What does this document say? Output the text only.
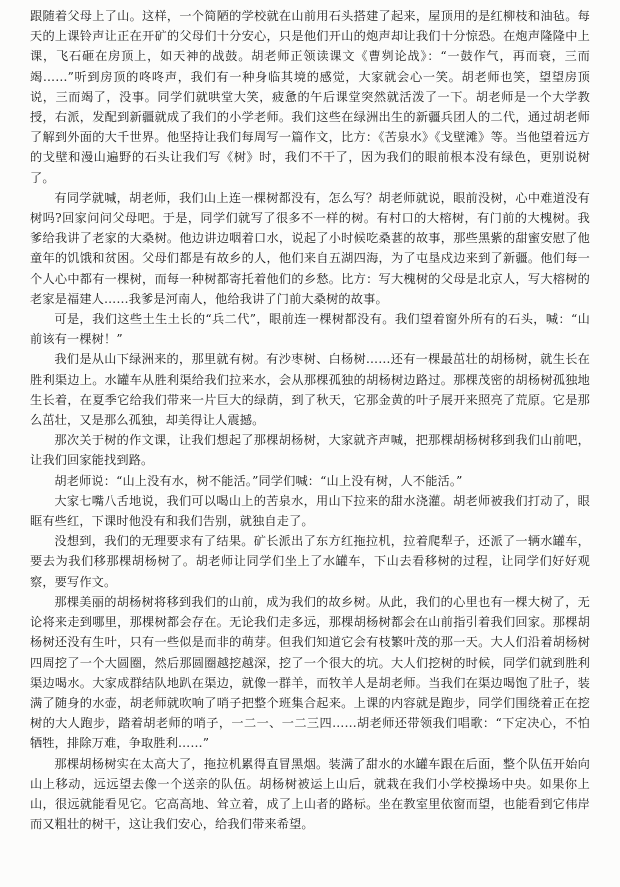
跟随着父母上了山。这样，一个简陋的学校就在山前用石头搭建了起来，屋顶用的是红柳枝和油毡。每天的上课铃声让正在开矿的父母们十分安心，只是他们开山的炮声却让我们十分惊恐。在炮声隆隆中上课，飞石砸在房顶上，如天神的战鼓。胡老师正领读课文《曹刿论战》：“一鼓作气，再而衰，三而竭……”听到房顶的咚咚声，我们有一种身临其境的感觉，大家就会心一笑。胡老师也笑，望望房顶说，三而竭了，没事。同学们就哄堂大笑，疲惫的午后课堂突然就活泼了一下。胡老师是一个大学教授，右派，发配到新疆就成了我们的小学老师。我们这些在绿洲出生的新疆兵团人的二代，通过胡老师了解到外面的大千世界。他坚持让我们每周写一篇作文，比方：《苦泉水》《戈壁滩》等。当他望着远方的戈壁和漫山遍野的石头让我们写《树》时，我们不干了，因为我们的眼前根本没有绿色，更别说树了。

有同学就喊，胡老师，我们山上连一棵树都没有，怎么写？胡老师就说，眼前没树，心中难道没有树吗?回家问问父母吧。于是，同学们就写了很多不一样的树。有村口的大榕树，有门前的大槐树。我爹给我讲了老家的大桑树。他边讲边咽着口水，说起了小时候吃桑葚的故事，那些黑紫的甜蜜安慰了他童年的饥饿和贫困。父母们都是有故乡的人，他们来自五湖四海，为了屯垦戍边来到了新疆。他们每一个人心中都有一棵树，而每一种树都寄托着他们的乡愁。比方：写大槐树的父母是北京人，写大榕树的老家是福建人……我爹是河南人，他给我讲了门前大桑树的故事。

可是，我们这些土生土长的“兵二代”，眼前连一棵树都没有。我们望着窗外所有的石头，喊：“山前该有一棵树！”

我们是从山下绿洲来的，那里就有树。有沙枣树、白杨树……还有一棵最茁壮的胡杨树，就生长在胜利渠边上。水罐车从胜利渠给我们拉来水，会从那棵孤独的胡杨树边路过。那棵茂密的胡杨树孤独地生长着，在夏季它给我们带来一片巨大的绿荫，到了秋天，它那金黄的叶子展开来照亮了荒原。它是那么茁壮，又是那么孤独，却美得让人震撼。

那次关于树的作文课，让我们想起了那棵胡杨树，大家就齐声喊，把那棵胡杨树移到我们山前吧，让我们回家能找到路。

胡老师说：“山上没有水，树不能活。”同学们喊：“山上没有树，人不能活。”

大家七嘴八舌地说，我们可以喝山上的苦泉水，用山下拉来的甜水浇灌。胡老师被我们打动了，眼眶有些红，下课时他没有和我们告别，就独自走了。

没想到，我们的无理要求有了结果。矿长派出了东方红拖拉机，拉着爬犁子，还派了一辆水罐车，要去为我们移那棵胡杨树了。胡老师让同学们坐上了水罐车，下山去看移树的过程，让同学们好好观察，要写作文。

那棵美丽的胡杨树将移到我们的山前，成为我们的故乡树。从此，我们的心里也有一棵大树了，无论将来走到哪里，那棵树都会存在。无论我们走多远，那棵胡杨树都会在山前指引着我们回家。那棵胡杨树还没有生叶，只有一些似是而非的萌芽。但我们知道它会有枝繁叶茂的那一天。大人们沿着胡杨树四周挖了一个大圆圈，然后那圆圈越挖越深，挖了一个很大的坑。大人们挖树的时候，同学们就到胜利渠边喝水。大家成群结队地趴在渠边，就像一群羊，而牧羊人是胡老师。当我们在渠边喝饱了肚子，装满了随身的水壶，胡老师就吹响了哨子把整个班集合起来。上课的内容就是跑步，同学们围绕着正在挖树的大人跑步，踏着胡老师的哨子，一二一、一二三四……胡老师还带领我们唱歌：“下定决心，不怕牺牲，排除万难，争取胜利……”

那棵胡杨树实在太高大了，拖拉机累得直冒黑烟。装满了甜水的水罐车跟在后面，整个队伍开始向山上移动，远远望去像一个送亲的队伍。胡杨树被运上山后，就栽在我们小学校操场中央。如果你上山，很远就能看见它。它高高地、耸立着，成了上山者的路标。坐在教室里依窗而望，也能看到它伟岸而又粗壮的树干，这让我们安心，给我们带来希望。
